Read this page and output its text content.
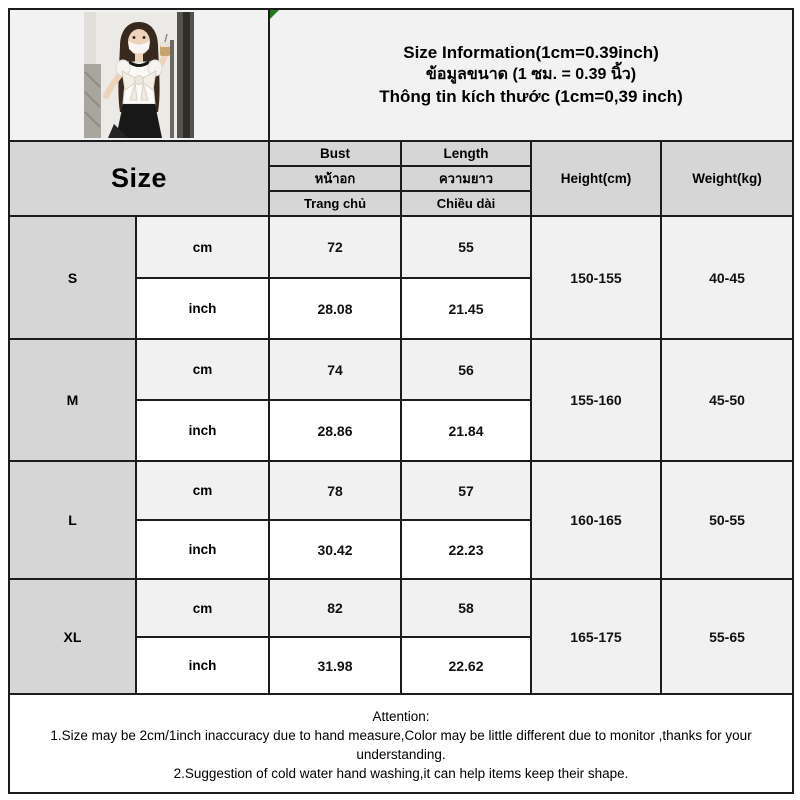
Size Information(1cm=0.39inch)
ข้อมูลขนาด (1 ซม. = 0.39 นิ้ว)
Thông tin kích thước (1cm=0,39 inch)			

Size		Bust	Length	Height(cm)	Weight(kg)
		หน้าอก	ความยาว		
		Trang chủ	Chiều dài		
S	cm	72	55	150-155	40-45
	inch	28.08	21.45		
M	cm	74	56	155-160	45-50
	inch	28.86	21.84		
L	cm	78	57	160-165	50-55
	inch	30.42	22.23		
XL	cm	82	58	165-175	55-65
	inch	31.98	22.62		

Attention:
1.Size may be 2cm/1inch inaccuracy due to hand measure,Color may be little different due to monitor ,thanks for your understanding.
2.Suggestion of cold water hand washing,it can help items keep their shape.					
